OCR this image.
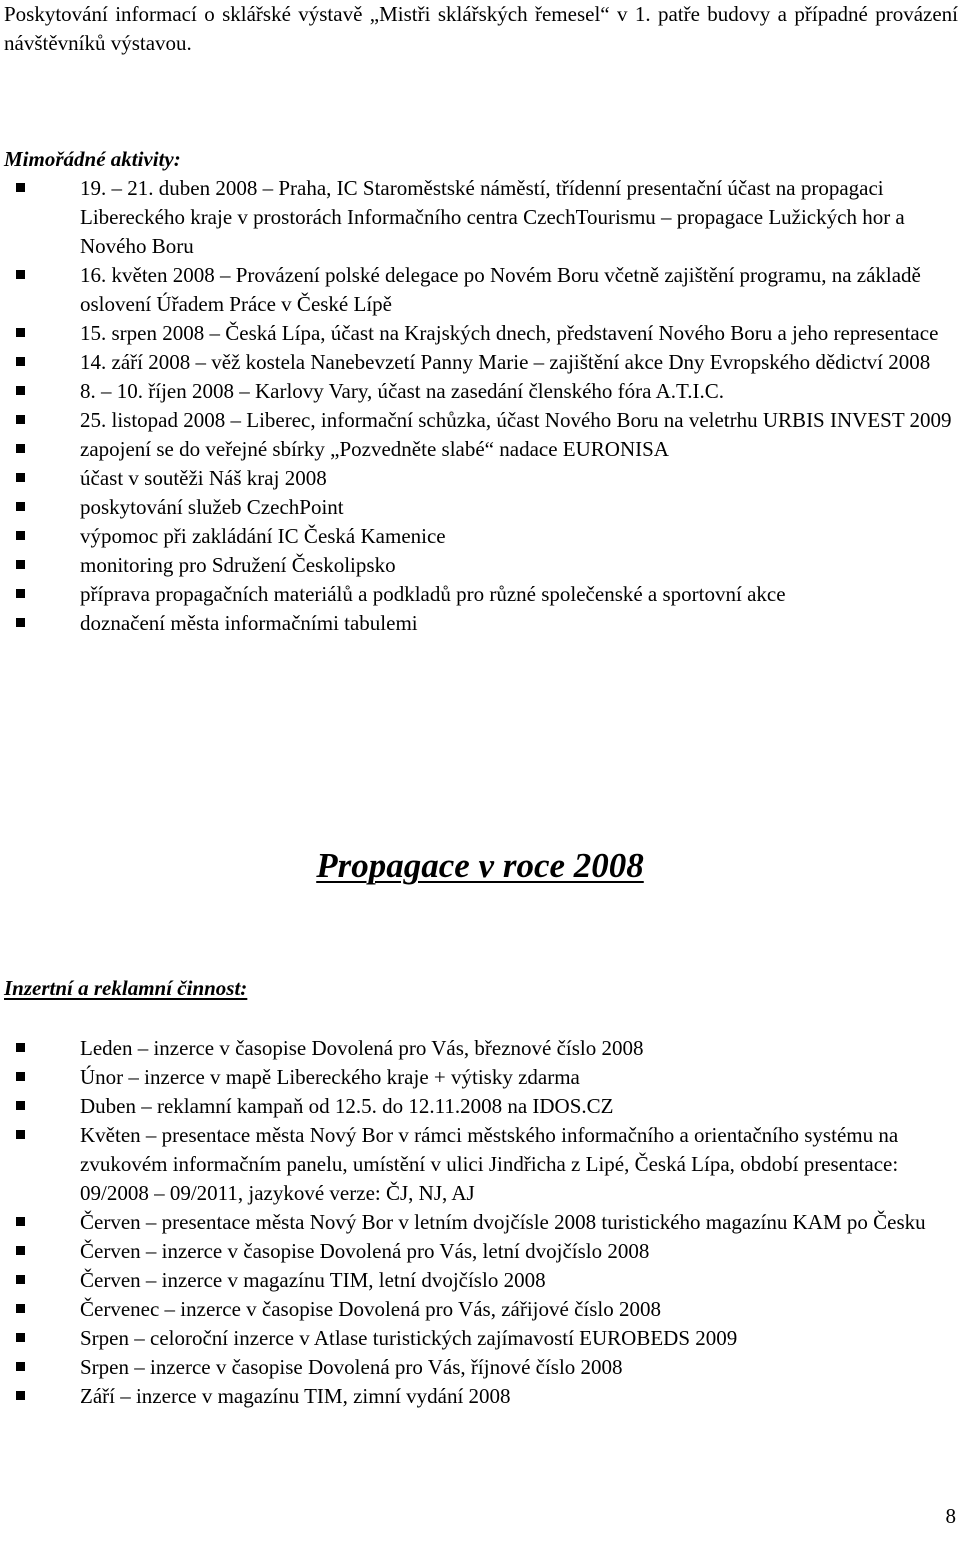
Poskytování informací o sklářské výstavě „Mistři sklářských řemesel“ v 1. patře budovy a případné provázení návštěvníků výstavou.
Mimořádné aktivity:
19. – 21. duben 2008 – Praha, IC Staroměstské náměstí, třídenní presentační účast na propagaci Libereckého kraje v prostorách Informačního centra CzechTourismu – propagace Lužických hor a Nového Boru
16. květen 2008 – Provázení polské delegace po Novém Boru včetně zajištění programu, na základě oslovení Úřadem Práce v České Lípě
15. srpen 2008 – Česká Lípa, účast na Krajských dnech, představení Nového Boru a jeho representace
14. září 2008 – věž kostela Nanebevzetí Panny Marie – zajištění akce Dny Evropského dědictví 2008
8. – 10. říjen 2008 – Karlovy Vary, účast na zasedání členského fóra A.T.I.C.
25. listopad 2008 – Liberec, informační schůzka, účast Nového Boru na veletrhu URBIS INVEST 2009
zapojení se do veřejné sbírky „Pozvedněte slabé“ nadace EURONISA
účast v soutěži Náš kraj 2008
poskytování služeb CzechPoint
výpomoc při zakládání IC Česká Kamenice
monitoring pro Sdružení Českolipsko
příprava propagačních materiálů a podkladů pro různé společenské a sportovní akce
doznačení města informačními tabulemi
Propagace v roce 2008
Inzertní a reklamní činnost:
Leden – inzerce v časopise Dovolená pro Vás, březnové číslo 2008
Únor – inzerce v mapě Libereckého kraje + výtisky zdarma
Duben – reklamní kampaň od 12.5. do 12.11.2008 na IDOS.CZ
Květen – presentace města Nový Bor v rámci městského informačního a orientačního systému na zvukovém informačním panelu, umístění v ulici Jindřicha z Lipé, Česká Lípa, období presentace: 09/2008 – 09/2011, jazykové verze: ČJ, NJ, AJ
Červen – presentace města Nový Bor v letním dvojčísle 2008 turistického magazínu KAM po Česku
Červen – inzerce v časopise Dovolená pro Vás, letní dvojčíslo 2008
Červen – inzerce v magazínu TIM, letní dvojčíslo 2008
Červenec – inzerce v časopise Dovolená pro Vás, zářijové číslo 2008
Srpen – celoroční inzerce v Atlase turistických zajímavostí EUROBEDS 2009
Srpen – inzerce v časopise Dovolená pro Vás, říjnové číslo 2008
Září – inzerce v magazínu TIM, zimní vydání 2008
8
